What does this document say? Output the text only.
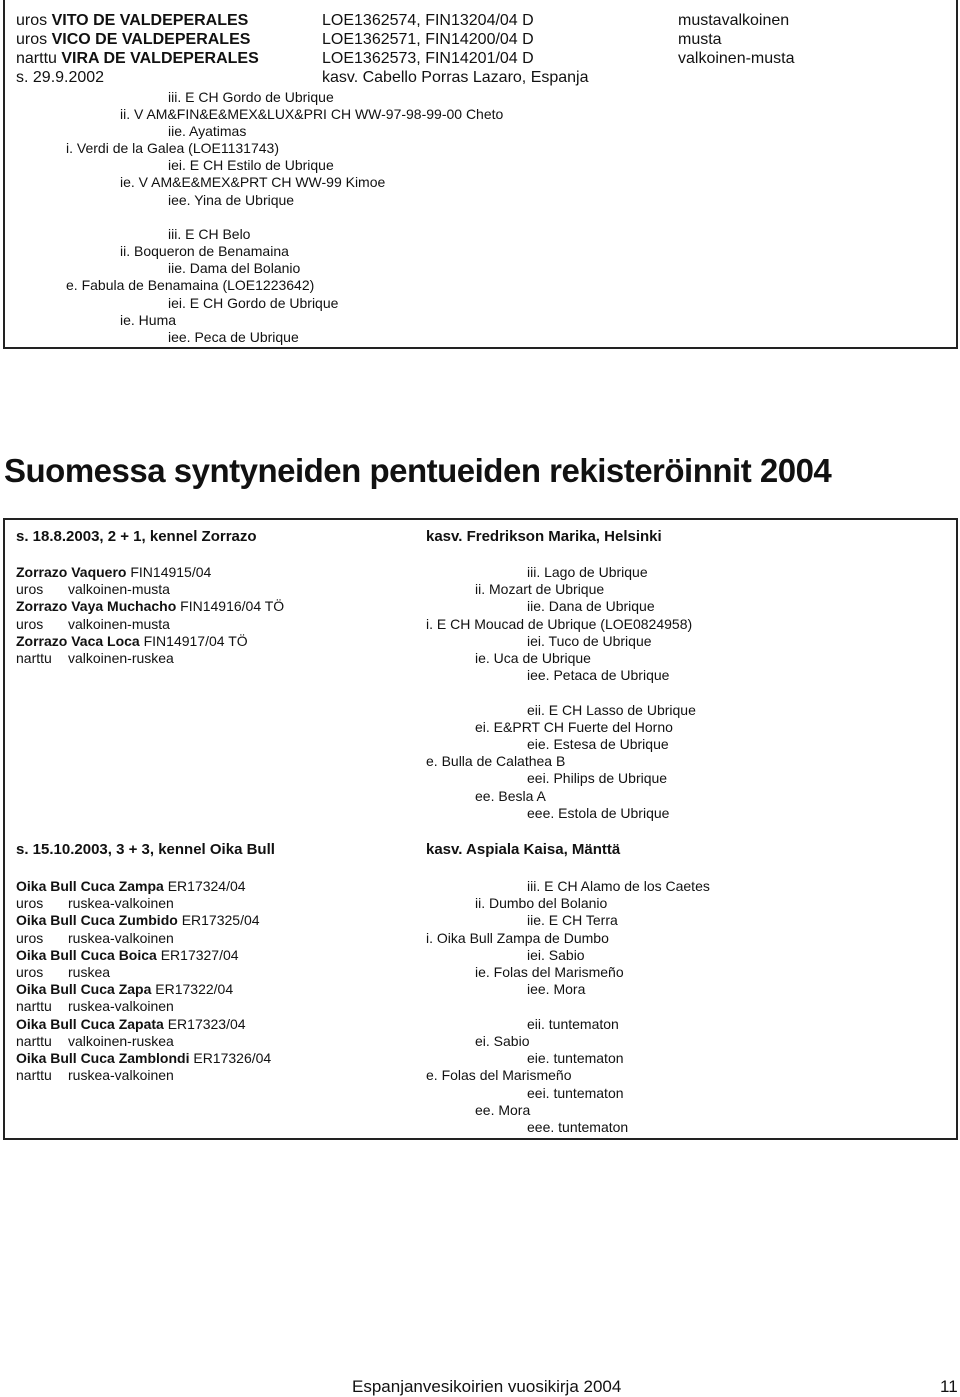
uros VITO DE VALDEPERALES	LOE1362574, FIN13204/04 D	mustavalkoinen
uros VICO DE VALDEPERALES	LOE1362571, FIN14200/04 D	musta
narttu VIRA DE VALDEPERALES	LOE1362573, FIN14201/04 D	valkoinen-musta
s. 29.9.2002	kasv. Cabello Porras Lazaro, Espanja
iii. E CH Gordo de Ubrique
ii. V AM&FIN&E&MEX&LUX&PRI CH WW-97-98-99-00 Cheto
iie. Ayatimas
i. Verdi de la Galea (LOE1131743)
iei. E CH Estilo de Ubrique
ie. V AM&E&MEX&PRT CH WW-99 Kimoe
iee. Yina de Ubrique
iii. E CH Belo
ii. Boqueron de Benamaina
iie. Dama del Bolanio
e. Fabula de Benamaina (LOE1223642)
iei. E CH Gordo de Ubrique
ie. Huma
iee. Peca de Ubrique
Suomessa syntyneiden pentueiden rekisteröinnit 2004
s. 18.8.2003, 2 + 1, kennel Zorrazo	kasv. Fredrikson Marika, Helsinki
Zorrazo Vaquero FIN14915/04
uros valkoinen-musta
Zorrazo Vaya Muchacho FIN14916/04 TÖ
uros valkoinen-musta
Zorrazo Vaca Loca FIN14917/04 TÖ
narttu valkoinen-ruskea
iii. Lago de Ubrique
ii. Mozart de Ubrique
iie. Dana de Ubrique
i. E CH Moucad de Ubrique (LOE0824958)
iei. Tuco de Ubrique
ie. Uca de Ubrique
iee. Petaca de Ubrique
eii. E CH Lasso de Ubrique
ei. E&PRT CH Fuerte del Horno
eie. Estesa de Ubrique
e. Bulla de Calathea B
eei. Philips de Ubrique
ee. Besla A
eee. Estola de Ubrique
s. 15.10.2003, 3 + 3, kennel Oika Bull	kasv. Aspiala Kaisa, Mänttä
Oika Bull Cuca Zampa ER17324/04
uros ruskea-valkoinen
Oika Bull Cuca Zumbido ER17325/04
uros ruskea-valkoinen
Oika Bull Cuca Boica ER17327/04
uros ruskea
Oika Bull Cuca Zapa ER17322/04
narttu ruskea-valkoinen
Oika Bull Cuca Zapata ER17323/04
narttu valkoinen-ruskea
Oika Bull Cuca Zamblondi ER17326/04
narttu ruskea-valkoinen
iii. E CH Alamo de los Caetes
ii. Dumbo del Bolanio
iie. E CH Terra
i. Oika Bull Zampa de Dumbo
iei. Sabio
ie. Folas del Marismeño
iee. Mora
eii. tuntematon
ei. Sabio
eie. tuntematon
e. Folas del Marismeño
eei. tuntematon
ee. Mora
eee. tuntematon
Espanjanvesikoirien vuosikirja 2004	11
